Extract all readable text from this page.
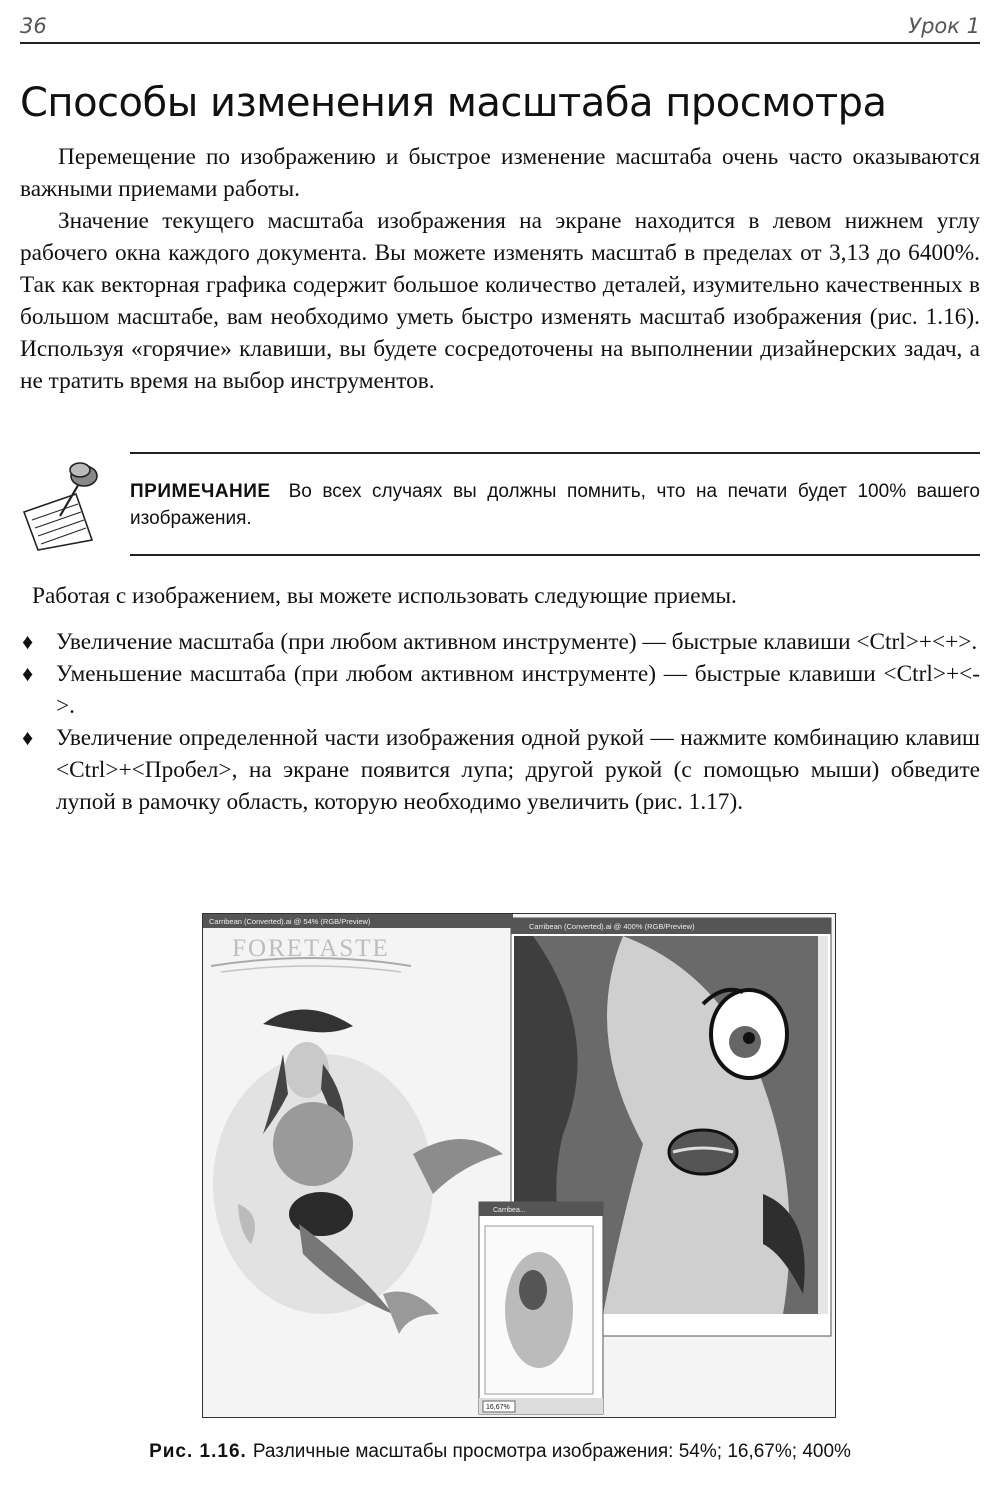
36	Урок 1
Способы изменения масштаба просмотра

Перемещение по изображению и быстрое изменение масштаба очень часто оказываются важными приемами работы.

Значение текущего масштаба изображения на экране находится в левом нижнем углу рабочего окна каждого документа. Вы можете изменять масштаб в пределах от 3,13 до 6400%. Так как векторная графика содержит большое количество деталей, изумительно качественных в большом масштабе, вам необходимо уметь быстро изменять масштаб изображения (рис. 1.16). Используя «горячие» клавиши, вы будете сосредоточены на выполнении дизайнерских задач, а не тратить время на выбор инструментов.

ПРИМЕЧАНИЕ Во всех случаях вы должны помнить, что на печати будет 100% вашего изображения.

Работая с изображением, вы можете использовать следующие приемы.

♦ Увеличение масштаба (при любом активном инструменте) — быстрые клавиши <Ctrl>+<+>.
♦ Уменьшение масштаба (при любом активном инструменте) — быстрые клавиши <Ctrl>+<->.
♦ Увеличение определенной части изображения одной рукой — нажмите комбинацию клавиш <Ctrl>+<Пробел>, на экране появится лупа; другой рукой (с помощью мыши) обведите лупой в рамочку область, которую необходимо увеличить (рис. 1.17).
Carribean (Converted).ai @ 54% (RGB/Preview)
FORETASTE
Carribean (Converted).ai @ 400% (RGB/Preview)
Carribea...
16,67%
Рис. 1.16. Различные масштабы просмотра изображения: 54%; 16,67%; 400%
